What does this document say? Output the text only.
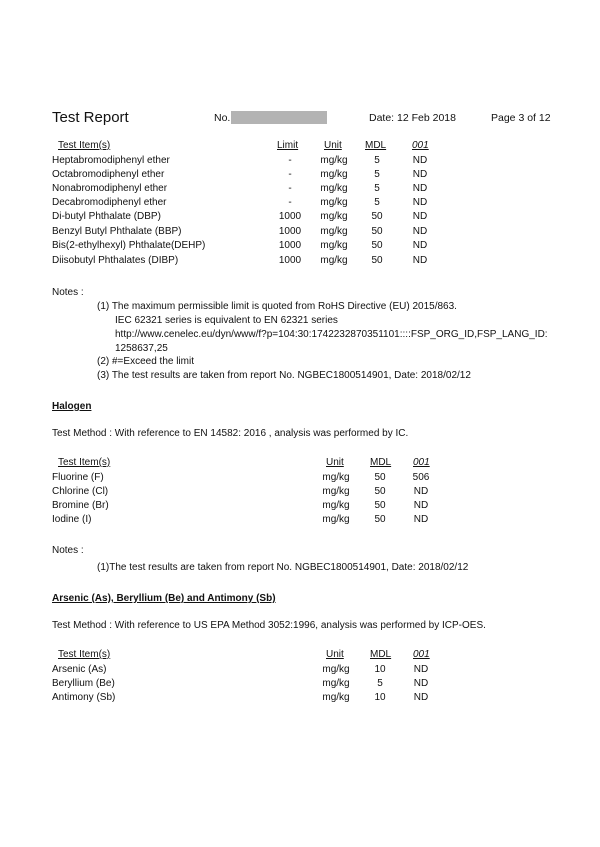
Test Report	No.	Date: 12 Feb 2018	Page 3 of 12
Test Item(s)	Limit	Unit MDL	001
Heptabromodiphenyl ether	-	mg/kg	5	ND
Octabromodiphenyl ether	-	mg/kg	5	ND
Nonabromodiphenyl ether	-	mg/kg	5	ND
Decabromodiphenyl ether	-	mg/kg	5	ND
Di-butyl Phthalate (DBP)	1000	mg/kg	50	ND
Benzyl Butyl Phthalate (BBP)	1000	mg/kg	50	ND
Bis(2-ethylhexyl) Phthalate(DEHP)	1000	mg/kg	50	ND
Diisobutyl Phthalates (DIBP)	1000	mg/kg	50	ND
Notes :
(1) The maximum permissible limit is quoted from RoHS Directive (EU) 2015/863.
IEC 62321 series is equivalent to EN 62321 series
http://www.cenelec.eu/dyn/www/f?p=104:30:1742232870351101::::FSP_ORG_ID,FSP_LANG_ID:
1258637,25
(2) #=Exceed the limit
(3) The test results are taken from report No. NGBEC1800514901, Date: 2018/02/12
Halogen
Test Method : With reference to EN 14582: 2016 , analysis was performed by IC.
Test Item(s)	Unit	MDL 001
Fluorine (F)	mg/kg	50	506
Chlorine (Cl)	mg/kg	50	ND
Bromine (Br)	mg/kg	50	ND
Iodine (I)	mg/kg	50	ND
Notes :
(1)The test results are taken from report No. NGBEC1800514901, Date: 2018/02/12
Arsenic (As), Beryllium (Be) and Antimony (Sb)
Test Method : With reference to US EPA Method 3052:1996, analysis was performed by ICP-OES.
Test Item(s)	Unit	MDL 001
Arsenic (As)	mg/kg	10	ND
Beryllium (Be)	mg/kg	5	ND
Antimony (Sb)	mg/kg	10	ND
